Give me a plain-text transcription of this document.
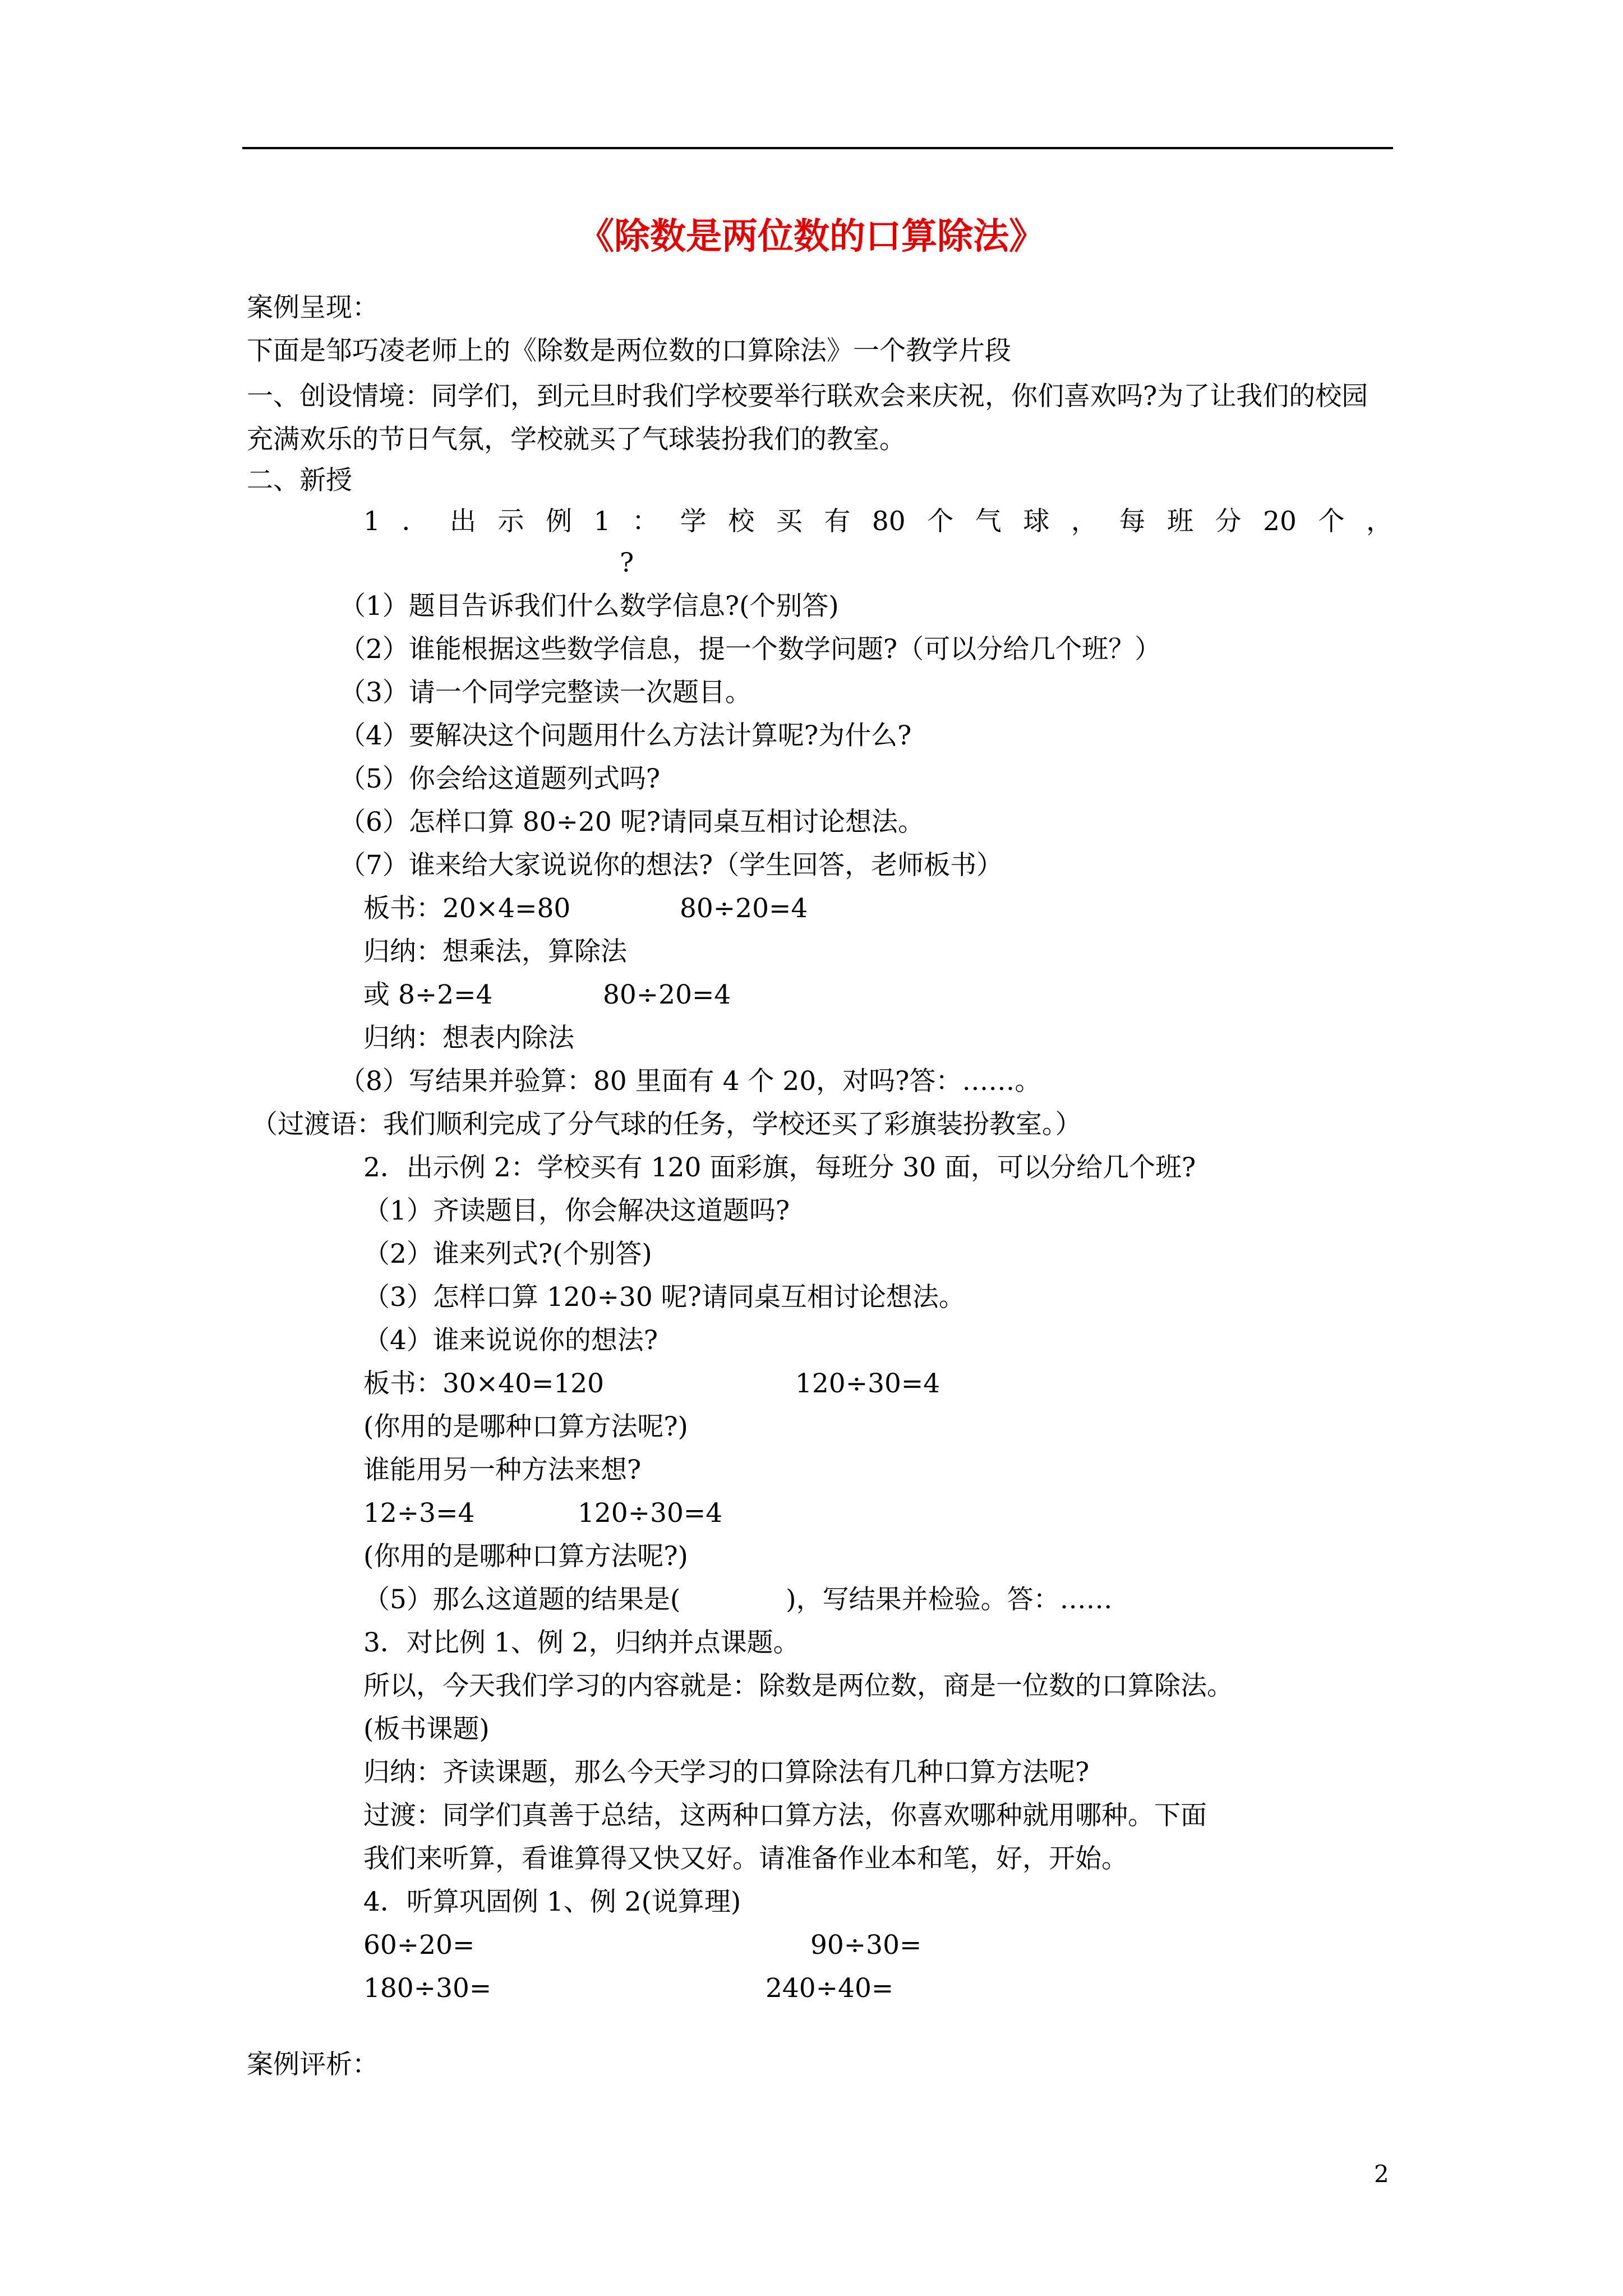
《除数是两位数的口算除法》
案例呈现：
下面是邹巧凌老师上的《除数是两位数的口算除法》一个教学片段
一、创设情境：同学们，到元旦时我们学校要举行联欢会来庆祝，你们喜欢吗?为了让我们的校园充满欢乐的节日气氛，学校就买了气球装扮我们的教室。
二、新授
1．出示例1：学校买有80个气球，每班分20个，
?
（1）题目告诉我们什么数学信息?(个别答)
（2）谁能根据这些数学信息，提一个数学问题?（可以分给几个班？）
（3）请一个同学完整读一次题目。
（4）要解决这个问题用什么方法计算呢?为什么?
（5）你会给这道题列式吗?
（6）怎样口算 80÷20 呢?请同桌互相讨论想法。
（7）谁来给大家说说你的想法?（学生回答，老师板书）
板书：20×4=80	80÷20=4
归纳：想乘法，算除法
或 8÷2=4	80÷20=4
归纳：想表内除法
（8）写结果并验算：80 里面有 4 个 20，对吗?答：……。
（过渡语：我们顺利完成了分气球的任务，学校还买了彩旗装扮教室。）
2．出示例 2：学校买有 120 面彩旗，每班分 30 面，可以分给几个班?
（1）齐读题目，你会解决这道题吗?
（2）谁来列式?(个别答)
（3）怎样口算 120÷30 呢?请同桌互相讨论想法。
（4）谁来说说你的想法?
板书：30×40=120	120÷30=4
(你用的是哪种口算方法呢?)
谁能用另一种方法来想?
12÷3=4	120÷30=4
(你用的是哪种口算方法呢?)
（5）那么这道题的结果是(　　　　)，写结果并检验。答：……
3．对比例 1、例 2，归纳并点课题。
所以，今天我们学习的内容就是：除数是两位数，商是一位数的口算除法。
(板书课题)
归纳：齐读课题，那么今天学习的口算除法有几种口算方法呢?
过渡：同学们真善于总结，这两种口算方法，你喜欢哪种就用哪种。下面
我们来听算，看谁算得又快又好。请准备作业本和笔，好，开始。
4．听算巩固例 1、例 2(说算理)
60÷20=	90÷30=
180÷30=	240÷40=
案例评析：
2
